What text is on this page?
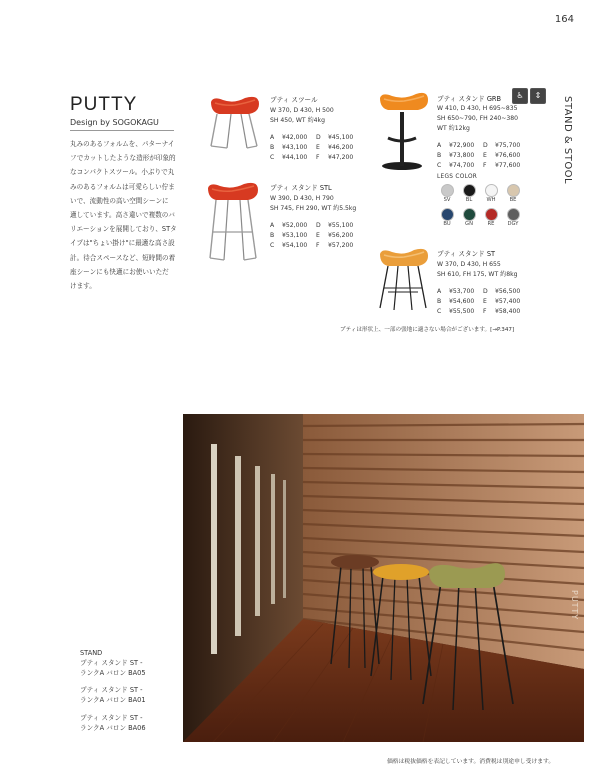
164
STAND & STOOL
PUTTY
Design by SOGOKAGU
丸みのあるフォルムを、パターナイ
フでカットしたような造形が印象的
なコンパクトスツール。小ぶりで丸
みのあるフォルムは可愛らしい佇ま
いで、流動性の高い空間シーンに
適しています。高さ違いで複数のバ
リエーションを展開しており、STタ
イプは"ちょい掛け"に最適な高さ設
計。待合スペースなど、短時間の着
座シーンにも快適にお使いいただ
けます。
プティ スツール
W 370, D 430, H 500
SH 450, WT 約4kg
A	¥42,000	D	¥45,100
B	¥43,100	E	¥46,200
C	¥44,100	F	¥47,200
プティ スタンド STL
W 390, D 430, H 790
SH 745, FH 290, WT 約5.5kg
A	¥52,000	D	¥55,100
B	¥53,100	E	¥56,200
C	¥54,100	F	¥57,200
プティ スタンド GRB	♿	⇕
W 410, D 430, H 695~835
SH 650~790, FH 240~380
WT 約12kg
A	¥72,900	D	¥75,700
B	¥73,800	E	¥76,600
C	¥74,700	F	¥77,600
LEGS COLOR
SV	BL	WH	BE
BU	GN	RE	DGY
プティ スタンド ST
W 370, D 430, H 655
SH 610, FH 175, WT 約8kg
A	¥53,700	D	¥56,500
B	¥54,600	E	¥57,400
C	¥55,500	F	¥58,400
プティは形状上、一部の張地に適さない場合がございます。[→P.347]
PUTTY
STAND
プティ スタンド ST -
ランクA バロン BA05
プティ スタンド ST -
ランクA バロン BA01
プティ スタンド ST -
ランクA バロン BA06
価格は税抜価格を表記しています。消費税は別途申し受けます。
